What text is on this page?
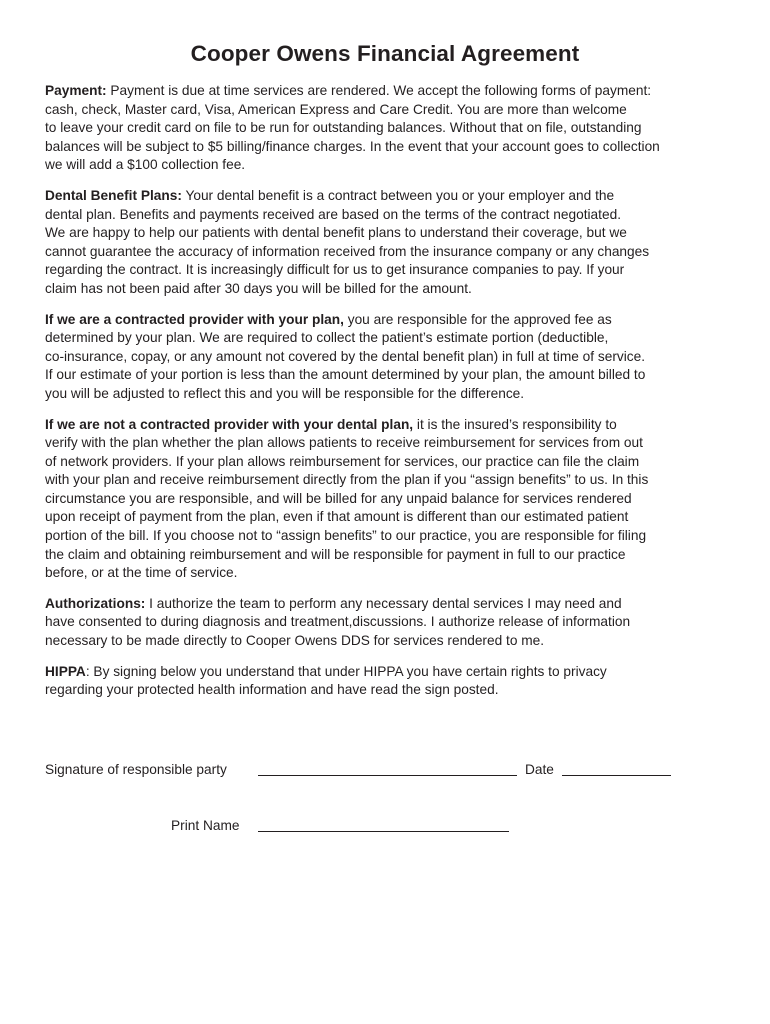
Cooper Owens Financial Agreement
Payment: Payment is due at time services are rendered. We accept the following forms of payment:
cash, check, Master card, Visa, American Express and Care Credit. You are more than welcome
to leave your credit card on file to be run for outstanding balances. Without that on file, outstanding
balances will be subject to $5 billing/finance charges. In the event that your account goes to collection
we will add a $100 collection fee.
Dental Benefit Plans: Your dental benefit is a contract between you or your employer and the
dental plan. Benefits and payments received are based on the terms of the contract negotiated.
We are happy to help our patients with dental benefit plans to understand their coverage, but we
cannot guarantee the accuracy of information received from the insurance company or any changes
regarding the contract. It is increasingly difficult for us to get insurance companies to pay. If your
claim has not been paid after 30 days you will be billed for the amount.
If we are a contracted provider with your plan, you are responsible for the approved fee as
determined by your plan. We are required to collect the patient’s estimate portion (deductible,
co-insurance, copay, or any amount not covered by the dental benefit plan) in full at time of service.
If our estimate of your portion is less than the amount determined by your plan, the amount billed to
you will be adjusted to reflect this and you will be responsible for the difference.
If we are not a contracted provider with your dental plan, it is the insured’s responsibility to
verify with the plan whether the plan allows patients to receive reimbursement for services from out
of network providers. If your plan allows reimbursement for services, our practice can file the claim
with your plan and receive reimbursement directly from the plan if you “assign benefits” to us. In this
circumstance you are responsible, and will be billed for any unpaid balance for services rendered
upon receipt of payment from the plan, even if that amount is different than our estimated patient
portion of the bill. If you choose not to “assign benefits” to our practice, you are responsible for filing
the claim and obtaining reimbursement and will be responsible for payment in full to our practice
before, or at the time of service.
Authorizations: I authorize the team to perform any necessary dental services I may need and
have consented to during diagnosis and treatment,discussions. I authorize release of information
necessary to be made directly to Cooper Owens DDS for services rendered to me.
HIPPA: By signing below you understand that under HIPPA you have certain rights to privacy
regarding your protected health information and have read the sign posted.
Signature of responsible party	Date
Print Name
